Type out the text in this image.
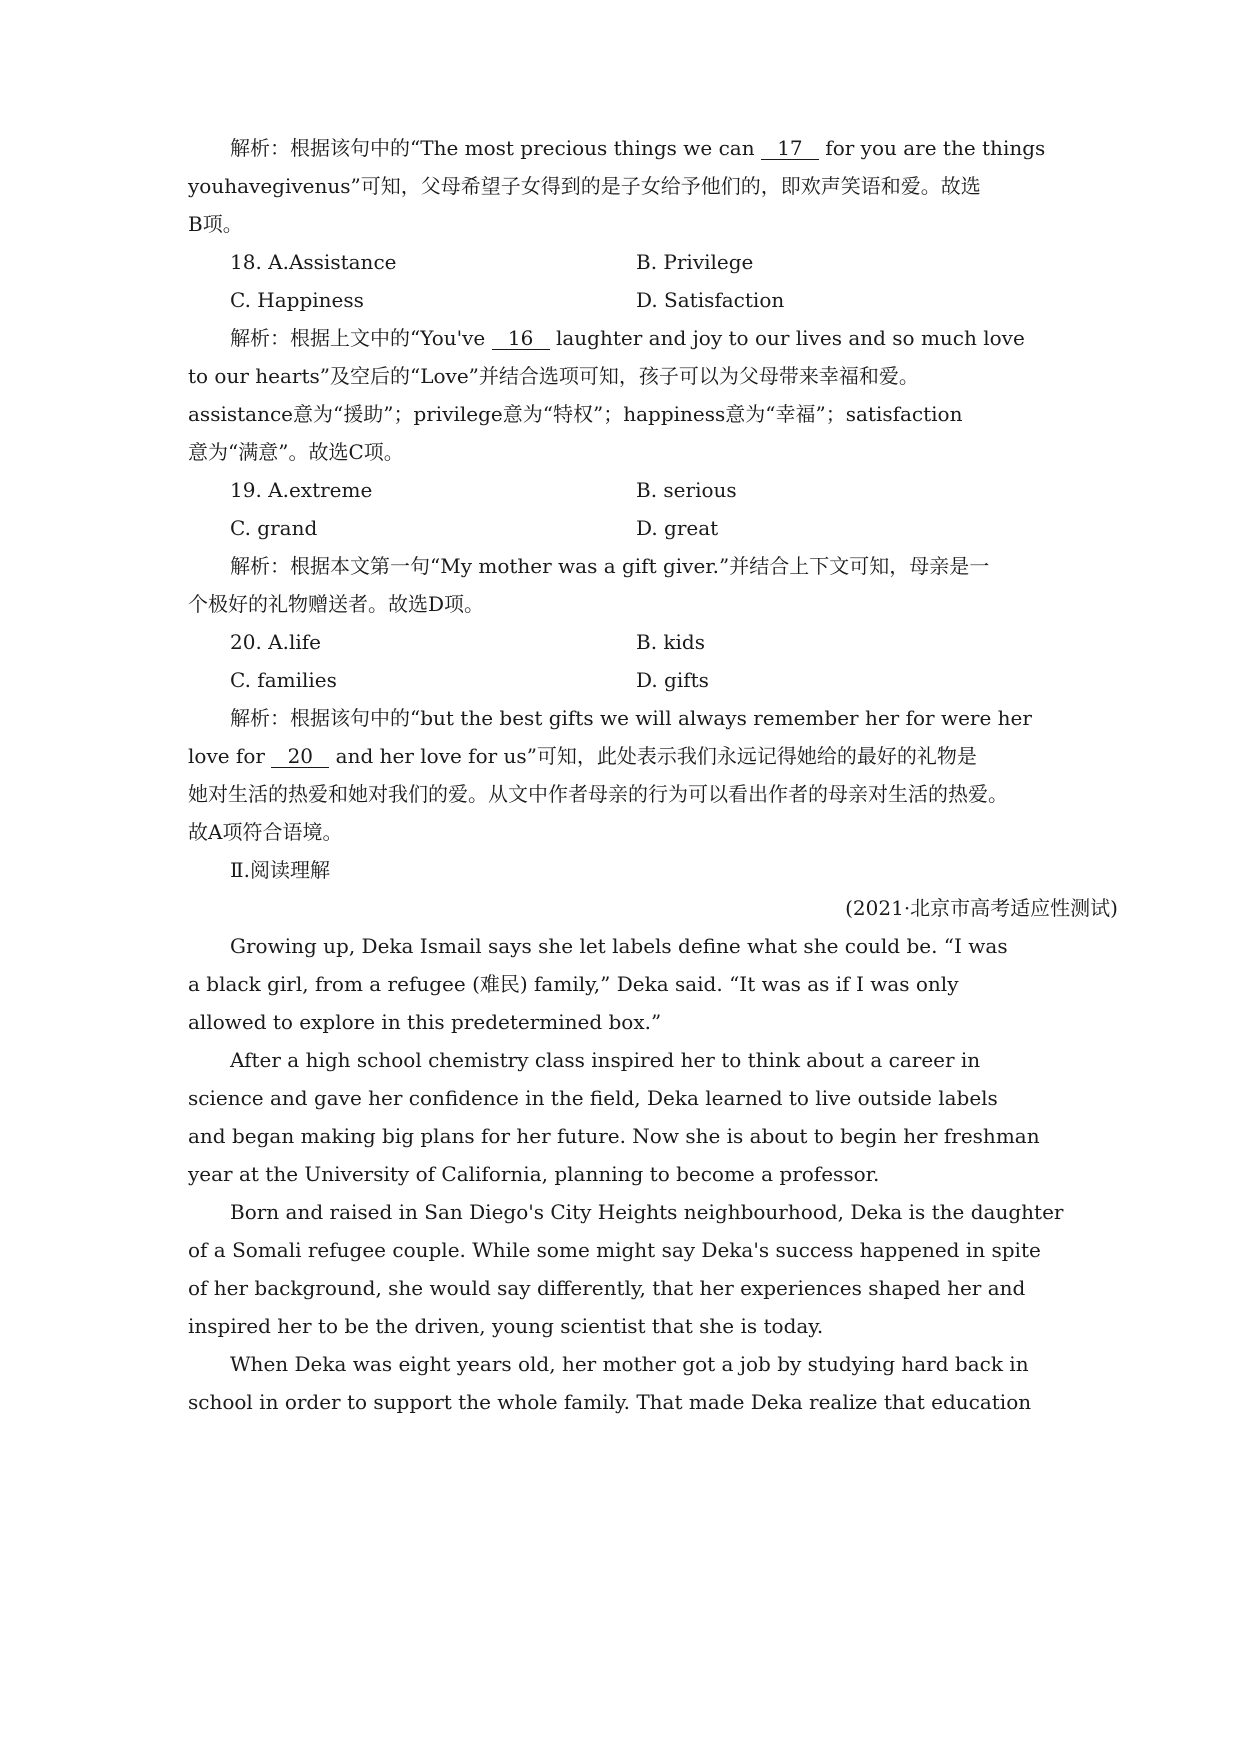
解析：根据该句中的“The most precious things we can 17 for you are the things
youhavegivenus”可知，父母希望子女得到的是子女给予他们的，即欢声笑语和爱。故选
B项。
18. A.Assistance	B. Privilege
C. Happiness	D. Satisfaction
解析：根据上文中的“You've 16 laughter and joy to our lives and so much love
to our hearts”及空后的“Love”并结合选项可知，孩子可以为父母带来幸福和爱。
assistance意为“援助”；privilege意为“特权”；happiness意为“幸福”；satisfaction
意为“满意”。故选C项。
19. A.extreme	B. serious
C. grand	D. great
解析：根据本文第一句“My mother was a gift giver.”并结合上下文可知，母亲是一
个极好的礼物赠送者。故选D项。
20. A.life	B. kids
C. families	D. gifts
解析：根据该句中的“but the best gifts we will always remember her for were her
love for 20 and her love for us”可知，此处表示我们永远记得她给的最好的礼物是
她对生活的热爱和她对我们的爱。从文中作者母亲的行为可以看出作者的母亲对生活的热爱。
故A项符合语境。
Ⅱ.阅读理解
(2021·北京市高考适应性测试)
Growing up, Deka Ismail says she let labels define what she could be. “I was
a black girl, from a refugee (难民) family,” Deka said. “It was as if I was only
allowed to explore in this predetermined box.”
After a high school chemistry class inspired her to think about a career in
science and gave her confidence in the field, Deka learned to live outside labels
and began making big plans for her future. Now she is about to begin her freshman
year at the University of California, planning to become a professor.
Born and raised in San Diego's City Heights neighbourhood, Deka is the daughter
of a Somali refugee couple. While some might say Deka's success happened in spite
of her background, she would say differently, that her experiences shaped her and
inspired her to be the driven, young scientist that she is today.
When Deka was eight years old, her mother got a job by studying hard back in
school in order to support the whole family. That made Deka realize that education
